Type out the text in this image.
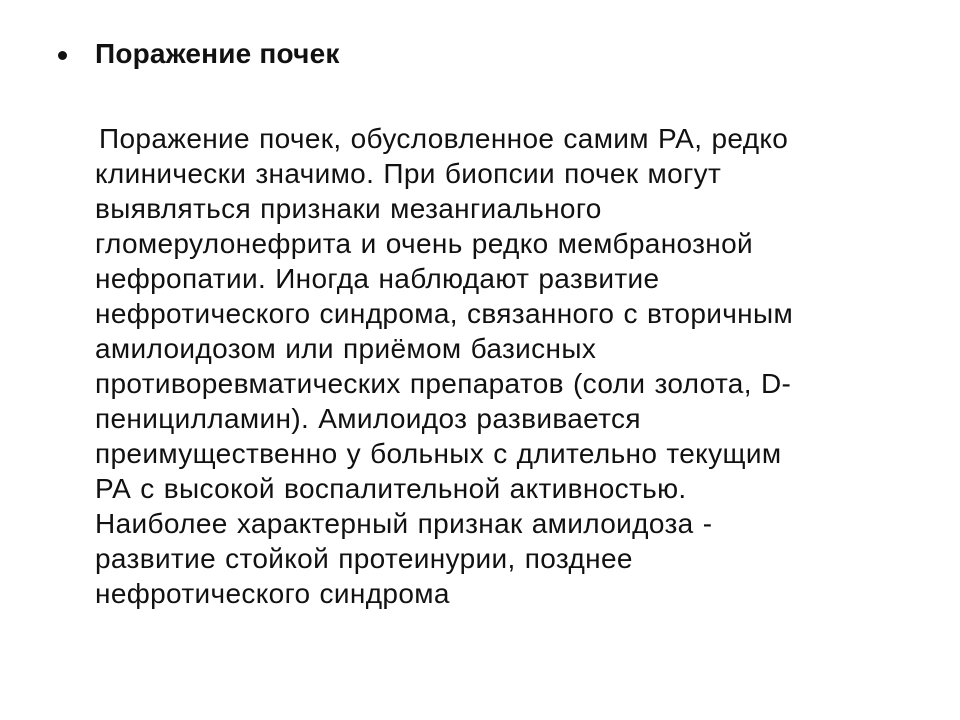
Поражение почек

Поражение почек, обусловленное самим РА, редко
клинически значимо. При биопсии почек могут
выявляться признаки мезангиального
гломерулонефрита и очень редко мембранозной
нефропатии. Иногда наблюдают развитие
нефротического синдрома, связанного с вторичным
амилоидозом или приёмом базисных
противоревматических препаратов (соли золота, D-
пеницилламин). Амилоидоз развивается
преимущественно у больных с длительно текущим
РА с высокой воспалительной активностью.
Наиболее характерный признак амилоидоза -
развитие стойкой протеинурии, позднее
нефротического синдрома
